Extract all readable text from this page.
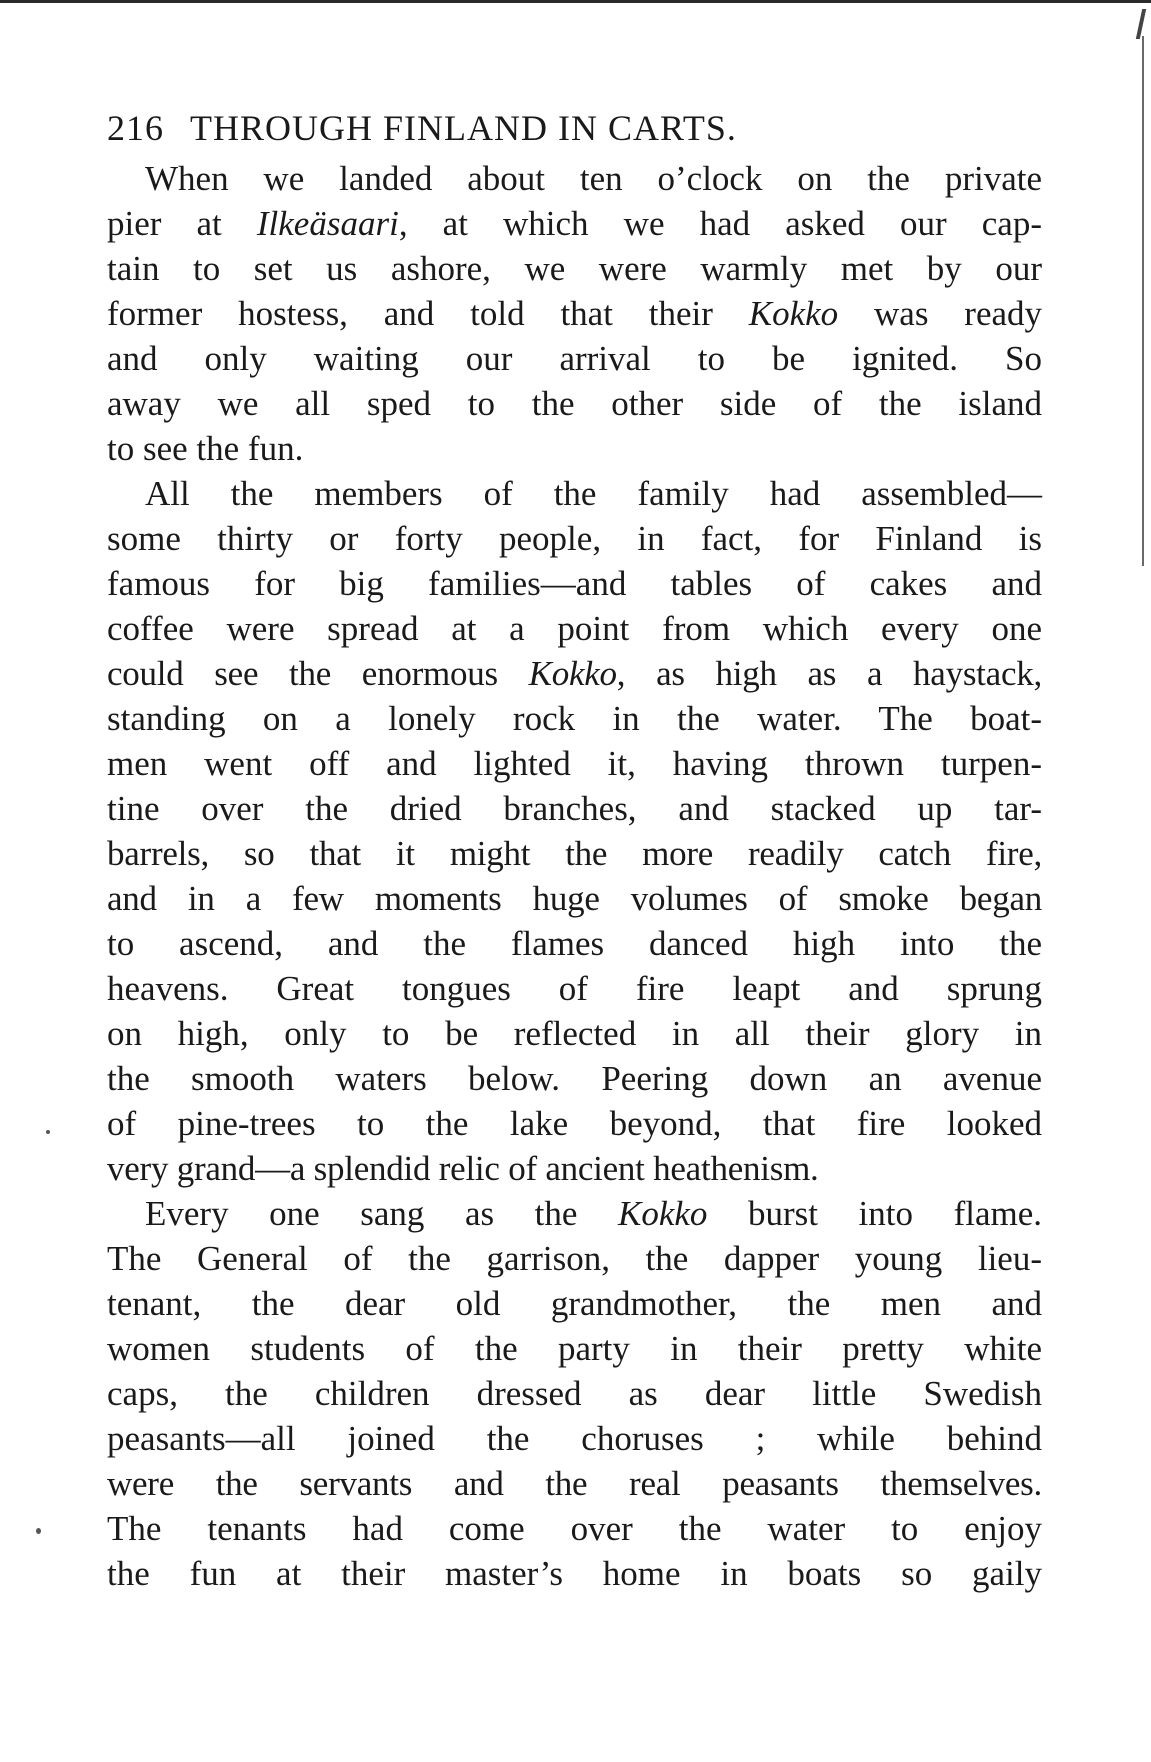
216 THROUGH FINLAND IN CARTS.
When we landed about ten o’clock on the private
pier at Ilkeäsaari, at which we had asked our cap-
tain to set us ashore, we were warmly met by our
former hostess, and told that their Kokko was ready
and only waiting our arrival to be ignited. So
away we all sped to the other side of the island
to see the fun.
All the members of the family had assembled—
some thirty or forty people, in fact, for Finland is
famous for big families—and tables of cakes and
coffee were spread at a point from which every one
could see the enormous Kokko, as high as a haystack,
standing on a lonely rock in the water. The boat-
men went off and lighted it, having thrown turpen-
tine over the dried branches, and stacked up tar-
barrels, so that it might the more readily catch fire,
and in a few moments huge volumes of smoke began
to ascend, and the flames danced high into the
heavens. Great tongues of fire leapt and sprung
on high, only to be reflected in all their glory in
the smooth waters below. Peering down an avenue
of pine-trees to the lake beyond, that fire looked
very grand—a splendid relic of ancient heathenism.
Every one sang as the Kokko burst into flame.
The General of the garrison, the dapper young lieu-
tenant, the dear old grandmother, the men and
women students of the party in their pretty white
caps, the children dressed as dear little Swedish
peasants—all joined the choruses ; while behind
were the servants and the real peasants themselves.
The tenants had come over the water to enjoy
the fun at their master’s home in boats so gaily
